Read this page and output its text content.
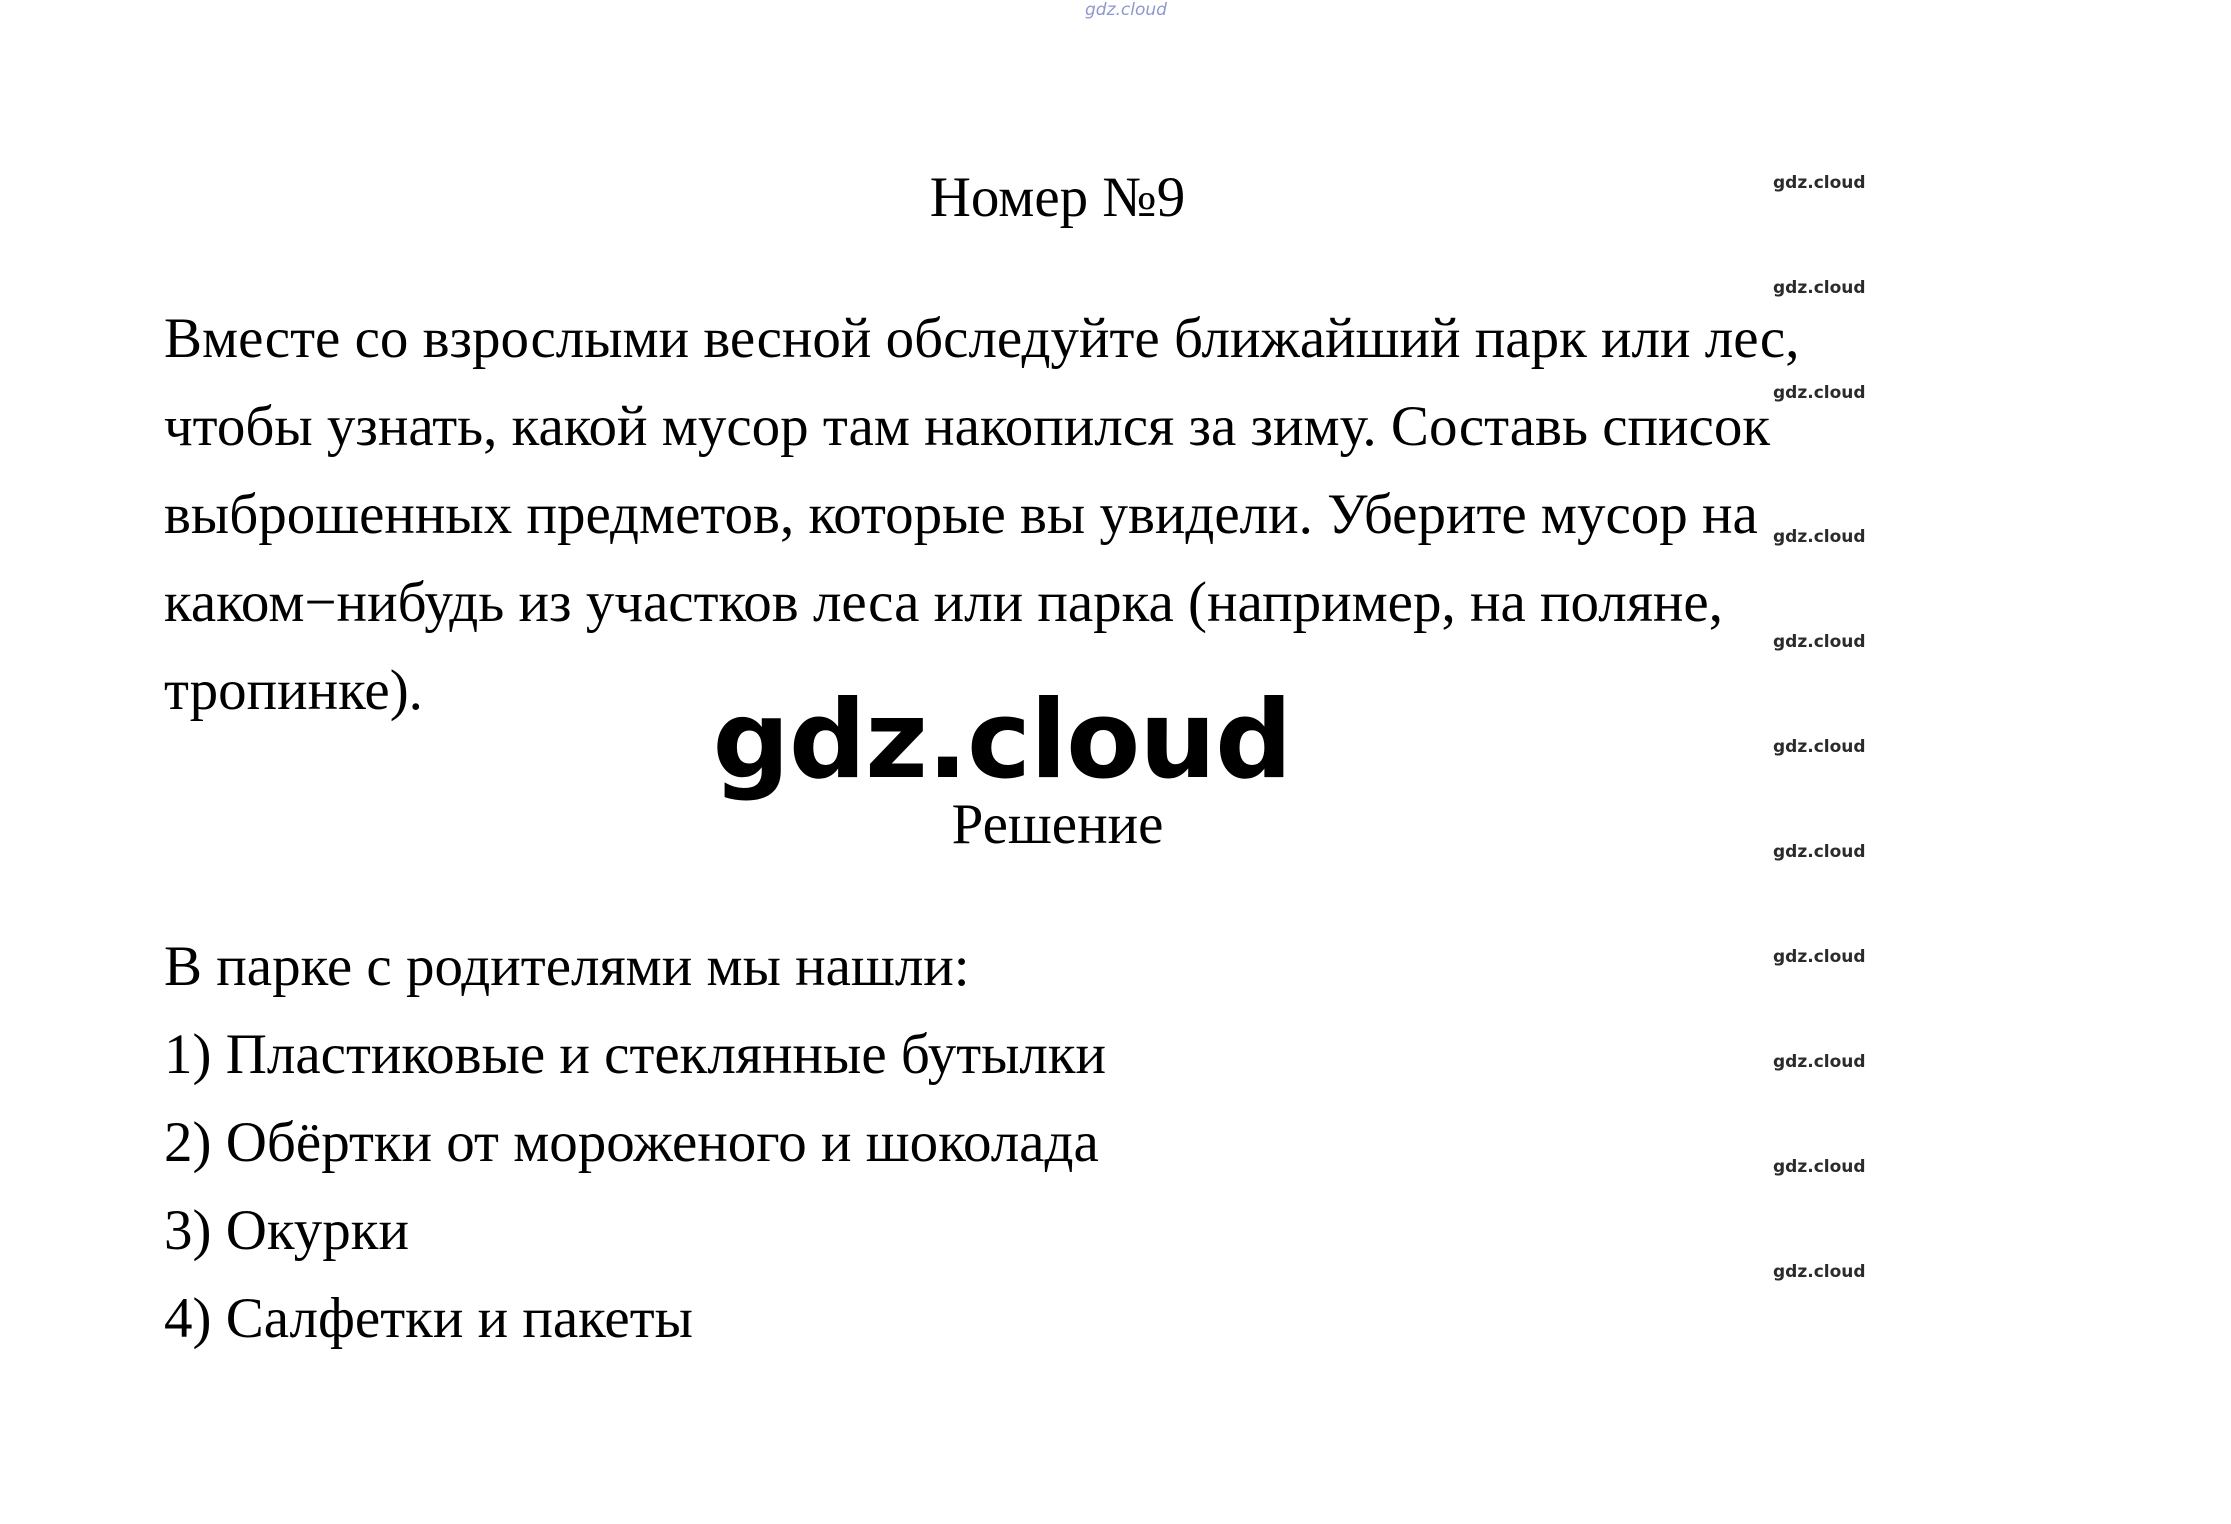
gdz.cloud
gdz.cloud
gdz.cloud
gdz.cloud
gdz.cloud
gdz.cloud
gdz.cloud
gdz.cloud
gdz.cloud
gdz.cloud
gdz.cloud
gdz.cloud
Номер №9
Вместе со взрослыми весной обследуйте ближайший парк или лес,
чтобы узнать, какой мусор там накопился за зиму. Составь список
выброшенных предметов, которые вы увидели. Уберите мусор на
каком−нибудь из участков леса или парка (например, на поляне,
тропинке).	gdz.cloud
Решение
В парке с родителями мы нашли:
1) Пластиковые и стеклянные бутылки
2) Обёртки от мороженого и шоколада
3) Окурки
4) Салфетки и пакеты
